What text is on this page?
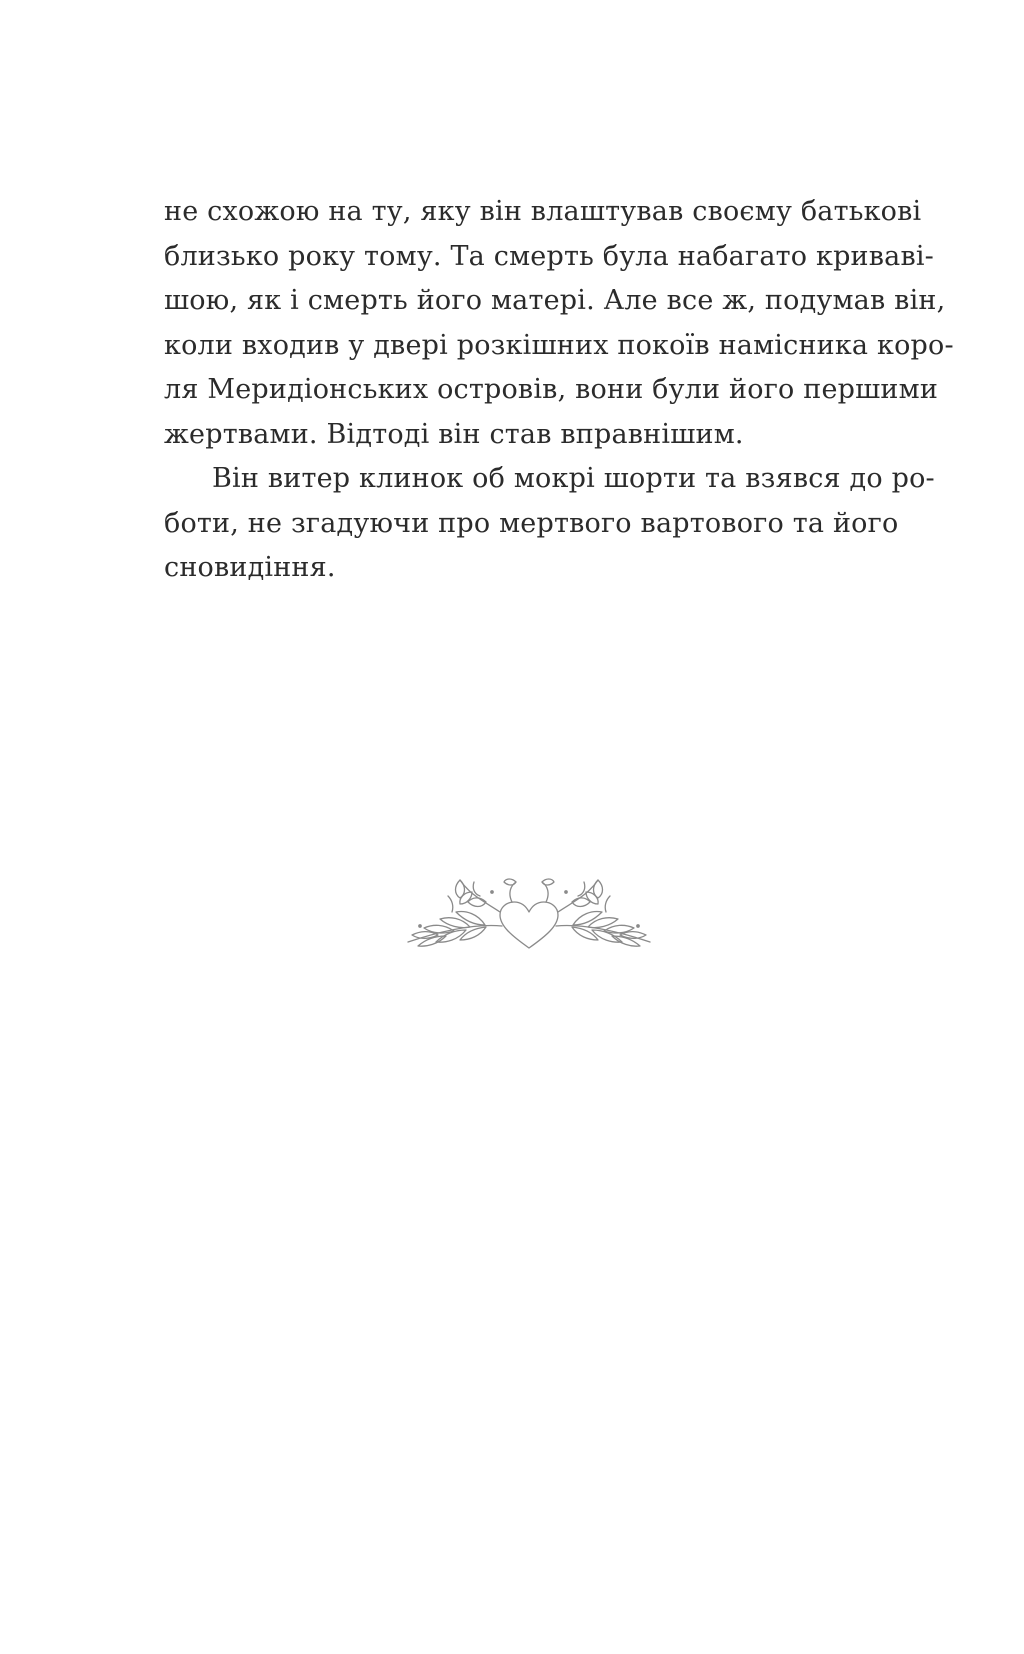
не схожою на ту, яку він влаштував своєму батькові
близько року тому. Та смерть була набагато криваві-
шою, як і смерть його матері. Але все ж, подумав він,
коли входив у двері розкішних покоїв намісника коро-
ля Меридіонських островів, вони були його першими
жертвами. Відтоді він став вправнішим.
Він витер клинок об мокрі шорти та взявся до ро-
боти, не згадуючи про мертвого вартового та його
сновидіння.
